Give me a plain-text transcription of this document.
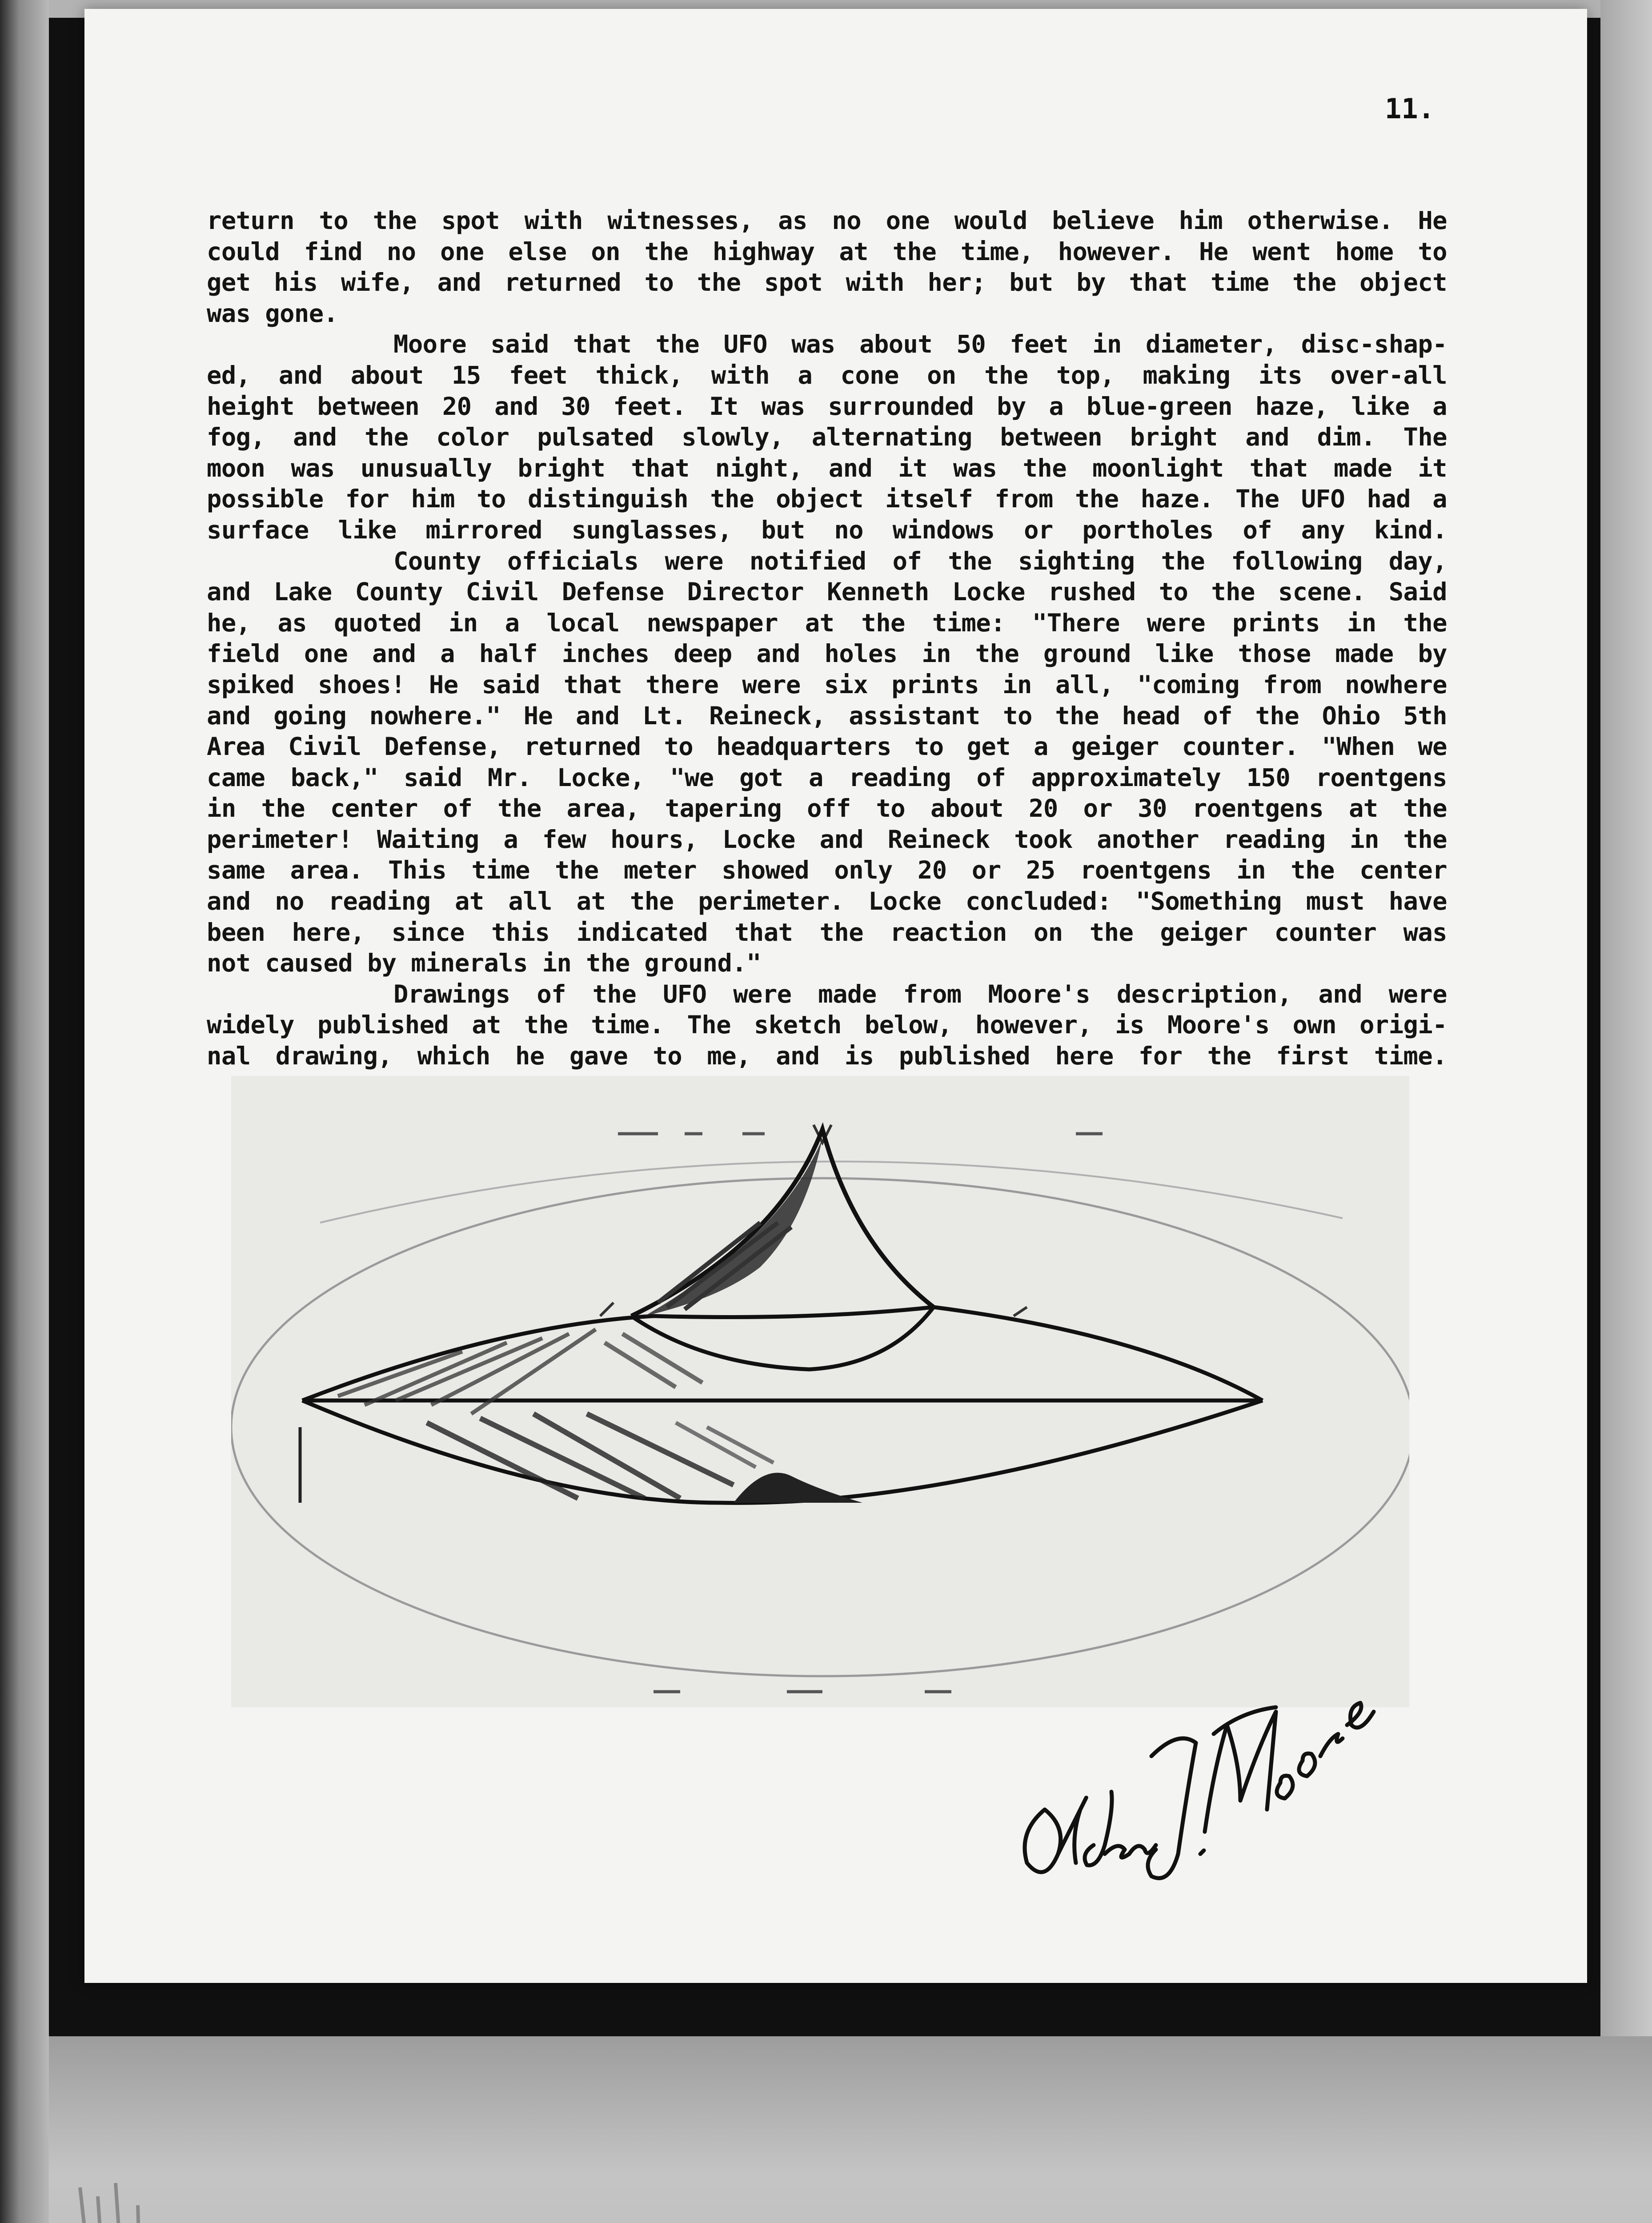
11.
return to the spot with witnesses, as no one would believe him otherwise. He
could find no one else on the highway at the time, however. He went home to
get his wife, and returned to the spot with her; but by that time the object
was gone.
Moore said that the UFO was about 50 feet in diameter, disc-shap-
ed, and about 15 feet thick, with a cone on the top, making its over-all
height between 20 and 30 feet. It was surrounded by a blue-green haze, like a
fog, and the color pulsated slowly, alternating between bright and dim. The
moon was unusually bright that night, and it was the moonlight that made it
possible for him to distinguish the object itself from the haze. The UFO had a
surface like mirrored sunglasses, but no windows or portholes of any kind.
County officials were notified of the sighting the following day,
and Lake County Civil Defense Director Kenneth Locke rushed to the scene. Said
he, as quoted in a local newspaper at the time: "There were prints in the
field one and a half inches deep and holes in the ground like those made by
spiked shoes! He said that there were six prints in all, "coming from nowhere
and going nowhere." He and Lt. Reineck, assistant to the head of the Ohio 5th
Area Civil Defense, returned to headquarters to get a geiger counter. "When we
came back," said Mr. Locke, "we got a reading of approximately 150 roentgens
in the center of the area, tapering off to about 20 or 30 roentgens at the
perimeter! Waiting a few hours, Locke and Reineck took another reading in the
same area. This time the meter showed only 20 or 25 roentgens in the center
and no reading at all at the perimeter. Locke concluded: "Something must have
been here, since this indicated that the reaction on the geiger counter was
not caused by minerals in the ground."
Drawings of the UFO were made from Moore's description, and were
widely published at the time. The sketch below, however, is Moore's own origi-
nal drawing, which he gave to me, and is published here for the first time.
